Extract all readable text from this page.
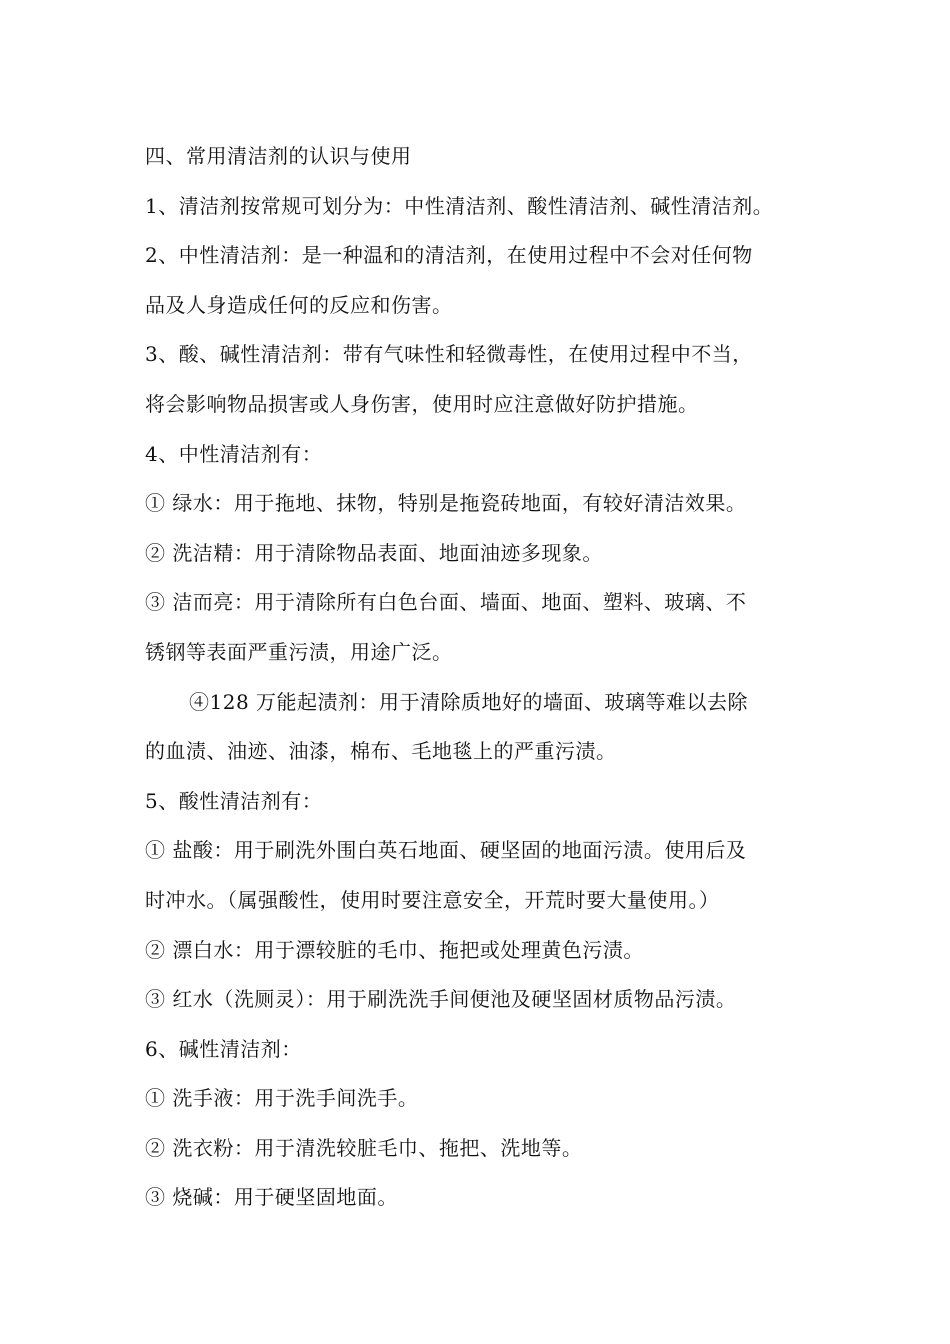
四、常用清洁剂的认识与使用
1、清洁剂按常规可划分为：中性清洁剂、酸性清洁剂、碱性清洁剂。
2、中性清洁剂：是一种温和的清洁剂，在使用过程中不会对任何物
品及人身造成任何的反应和伤害。
3、酸、碱性清洁剂：带有气味性和轻微毒性，在使用过程中不当，
将会影响物品损害或人身伤害，使用时应注意做好防护措施。
4、中性清洁剂有：
① 绿水：用于拖地、抹物，特别是拖瓷砖地面，有较好清洁效果。
② 洗洁精：用于清除物品表面、地面油迹多现象。
③ 洁而亮：用于清除所有白色台面、墙面、地面、塑料、玻璃、不
锈钢等表面严重污渍，用途广泛。
④128 万能起渍剂：用于清除质地好的墙面、玻璃等难以去除
的血渍、油迹、油漆，棉布、毛地毯上的严重污渍。
5、酸性清洁剂有：
① 盐酸：用于刷洗外围白英石地面、硬坚固的地面污渍。使用后及
时冲水。（属强酸性，使用时要注意安全，开荒时要大量使用。）
② 漂白水：用于漂较脏的毛巾、拖把或处理黄色污渍。
③ 红水（洗厕灵）：用于刷洗洗手间便池及硬坚固材质物品污渍。
6、碱性清洁剂：
① 洗手液：用于洗手间洗手。
② 洗衣粉：用于清洗较脏毛巾、拖把、洗地等。
③ 烧碱：用于硬坚固地面。
